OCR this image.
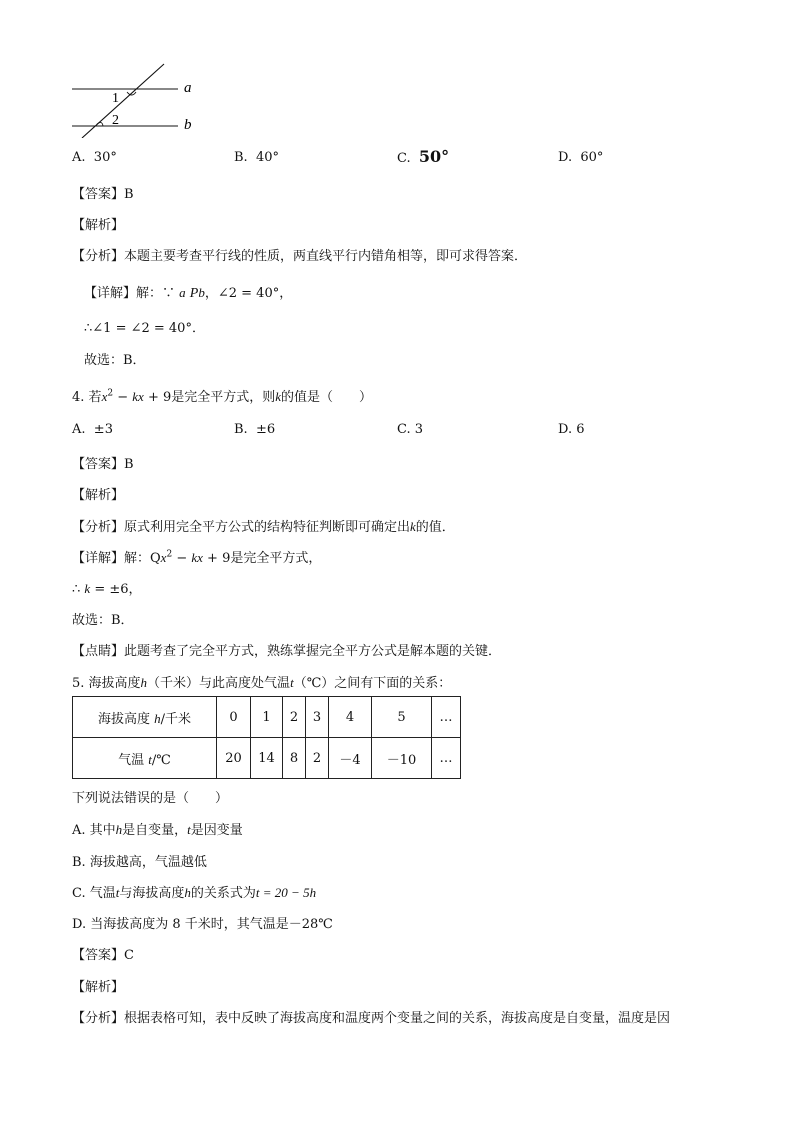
1
2
a
b
A. 30°	B. 40°	C. 50°	D. 60°
【答案】B
【解析】
【分析】本题主要考查平行线的性质，两直线平行内错角相等，即可求得答案．
【详解】解：∵ a Pb，∠2 = 40°，
∴∠1 = ∠2 = 40°．
故选：B．
4. 若$x^2$ − kx + 9是完全平方式，则k的值是（　　）
A. ±3	B. ±6	C. 3	D. 6
【答案】B
【解析】
【分析】原式利用完全平方公式的结构特征判断即可确定出k的值．
【详解】解：$Qx^2$ − kx + 9是完全平方式，
∴ k = ±6，
故选：B．
【点睛】此题考查了完全平方式，熟练掌握完全平方公式是解本题的关键．
5. 海拔高度h（千米）与此高度处气温t（℃）之间有下面的关系：
海拔高度 h/千米	0	1	2	3	4	5	…
气温 t/℃	20	14	8	2	－4	－10	…
下列说法错误的是（　　）
A. 其中h是自变量，t是因变量
B. 海拔越高，气温越低
C. 气温t与海拔高度h的关系式为t = 20 − 5h
D. 当海拔高度为 8 千米时，其气温是－28℃
【答案】C
【解析】
【分析】根据表格可知，表中反映了海拔高度和温度两个变量之间的关系，海拔高度是自变量，温度是因
